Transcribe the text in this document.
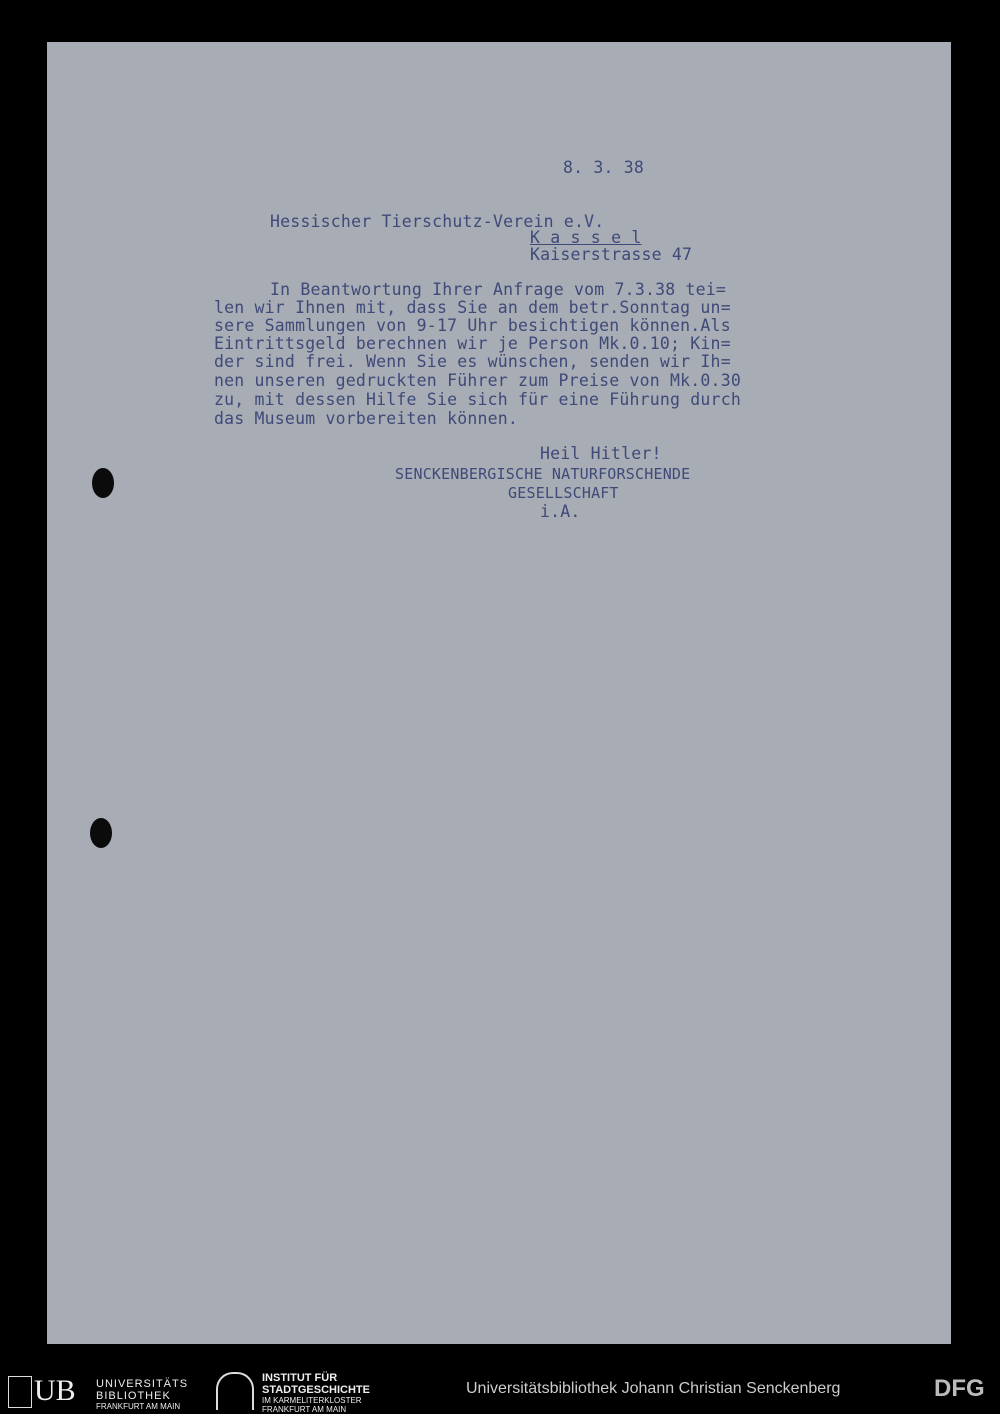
8. 3. 38
Hessischer Tierschutz-Verein e.V.
K a s s e l
Kaiserstrasse 47
In Beantwortung Ihrer Anfrage vom 7.3.38 tei=
len wir Ihnen mit, dass Sie an dem betr.Sonntag un=
sere Sammlungen von 9-17 Uhr besichtigen können.Als
Eintrittsgeld berechnen wir je Person Mk.0.10; Kin=
der sind frei. Wenn Sie es wünschen, senden wir Ih=
nen unseren gedruckten Führer zum Preise von Mk.0.30
zu, mit dessen Hilfe Sie sich für eine Führung durch
das Museum vorbereiten können.
Heil Hitler!
SENCKENBERGISCHE NATURFORSCHENDE
GESELLSCHAFT
i.A.
UB UNIVERSITÄTS
BIBLIOTHEK
FRANKFURT AM MAIN
INSTITUT FÜR
STADTGESCHICHTE
IM KARMELITERKLOSTER
FRANKFURT AM MAIN
Universitätsbibliothek Johann Christian Senckenberg	DFG
